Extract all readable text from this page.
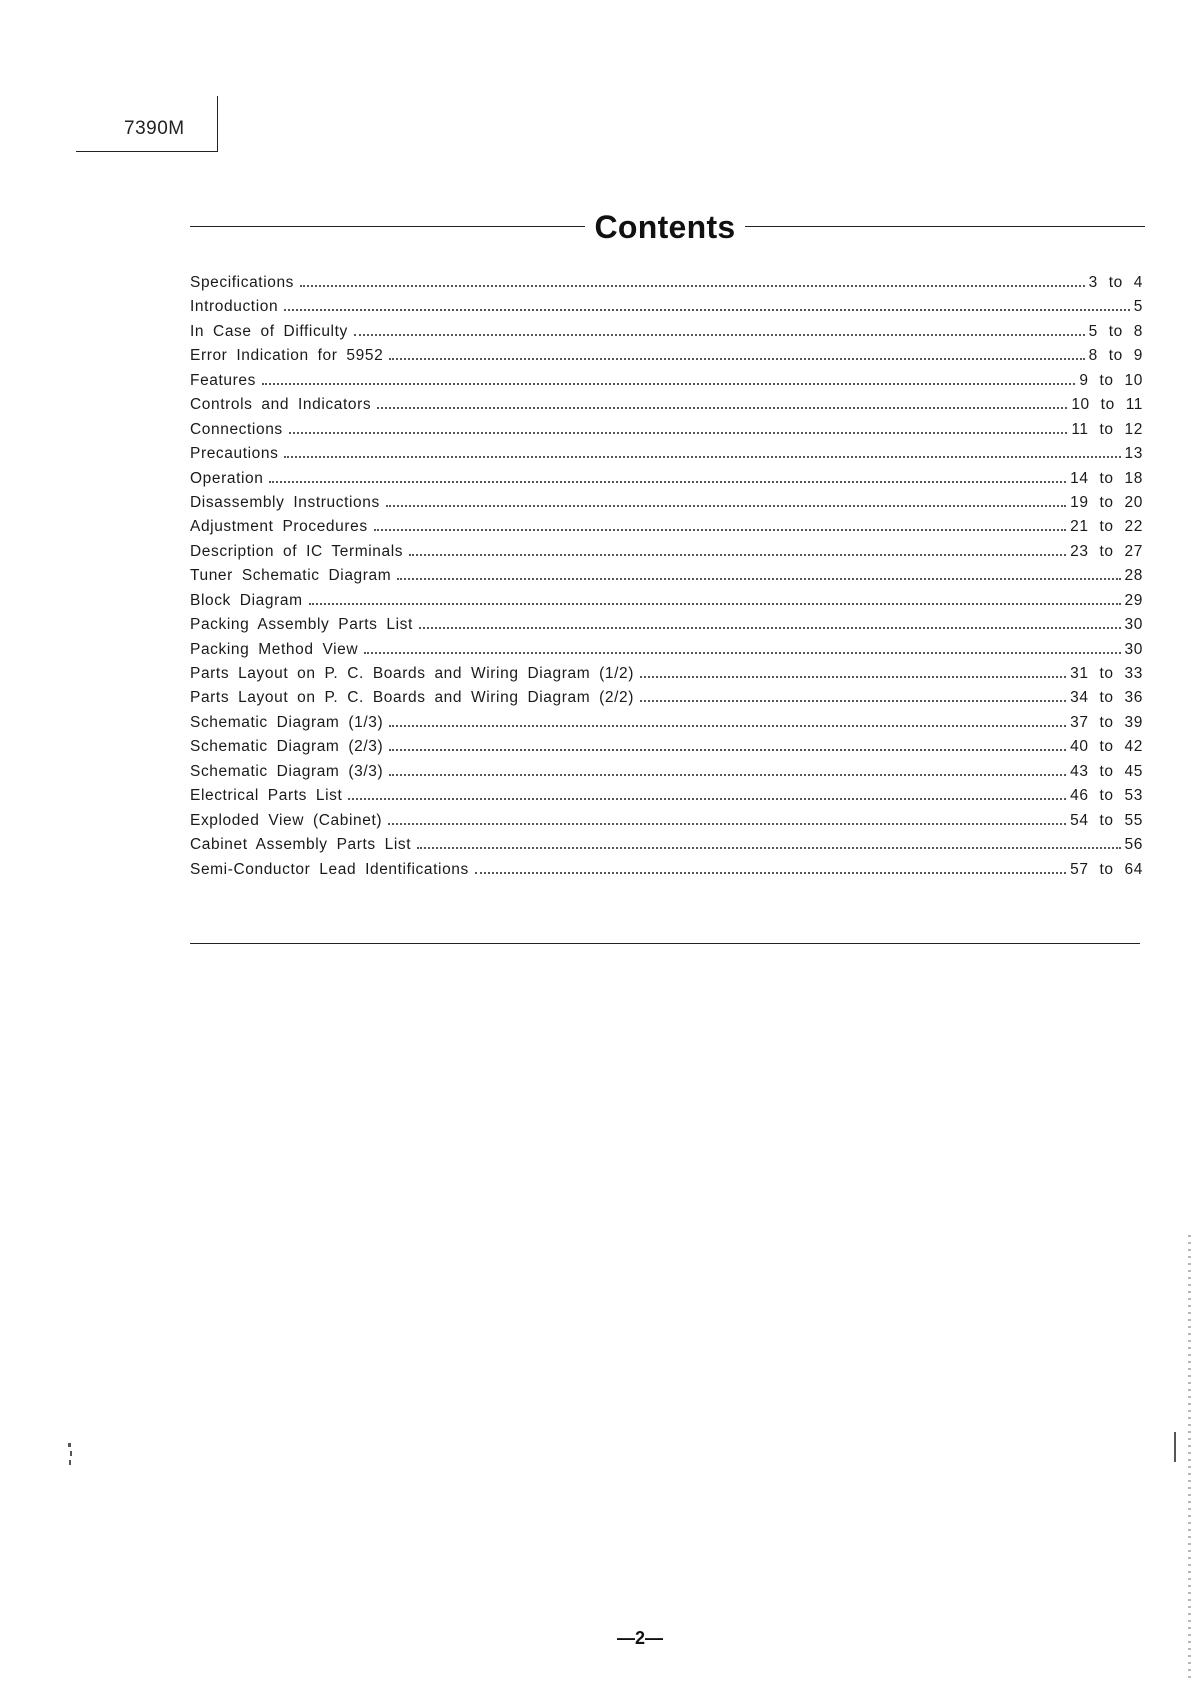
7390M
Contents
Specifications	3 to 4
Introduction	5
In Case of Difficulty	5 to 8
Error Indication for 5952	8 to 9
Features	9 to 10
Controls and Indicators	10 to 11
Connections	11 to 12
Precautions	13
Operation	14 to 18
Disassembly Instructions	19 to 20
Adjustment Procedures	21 to 22
Description of IC Terminals	23 to 27
Tuner Schematic Diagram	28
Block Diagram	29
Packing Assembly Parts List	30
Packing Method View	30
Parts Layout on P. C. Boards and Wiring Diagram (1/2)	31 to 33
Parts Layout on P. C. Boards and Wiring Diagram (2/2)	34 to 36
Schematic Diagram (1/3)	37 to 39
Schematic Diagram (2/3)	40 to 42
Schematic Diagram (3/3)	43 to 45
Electrical Parts List	46 to 53
Exploded View (Cabinet)	54 to 55
Cabinet Assembly Parts List	56
Semi-Conductor Lead Identifications	57 to 64
—2—
